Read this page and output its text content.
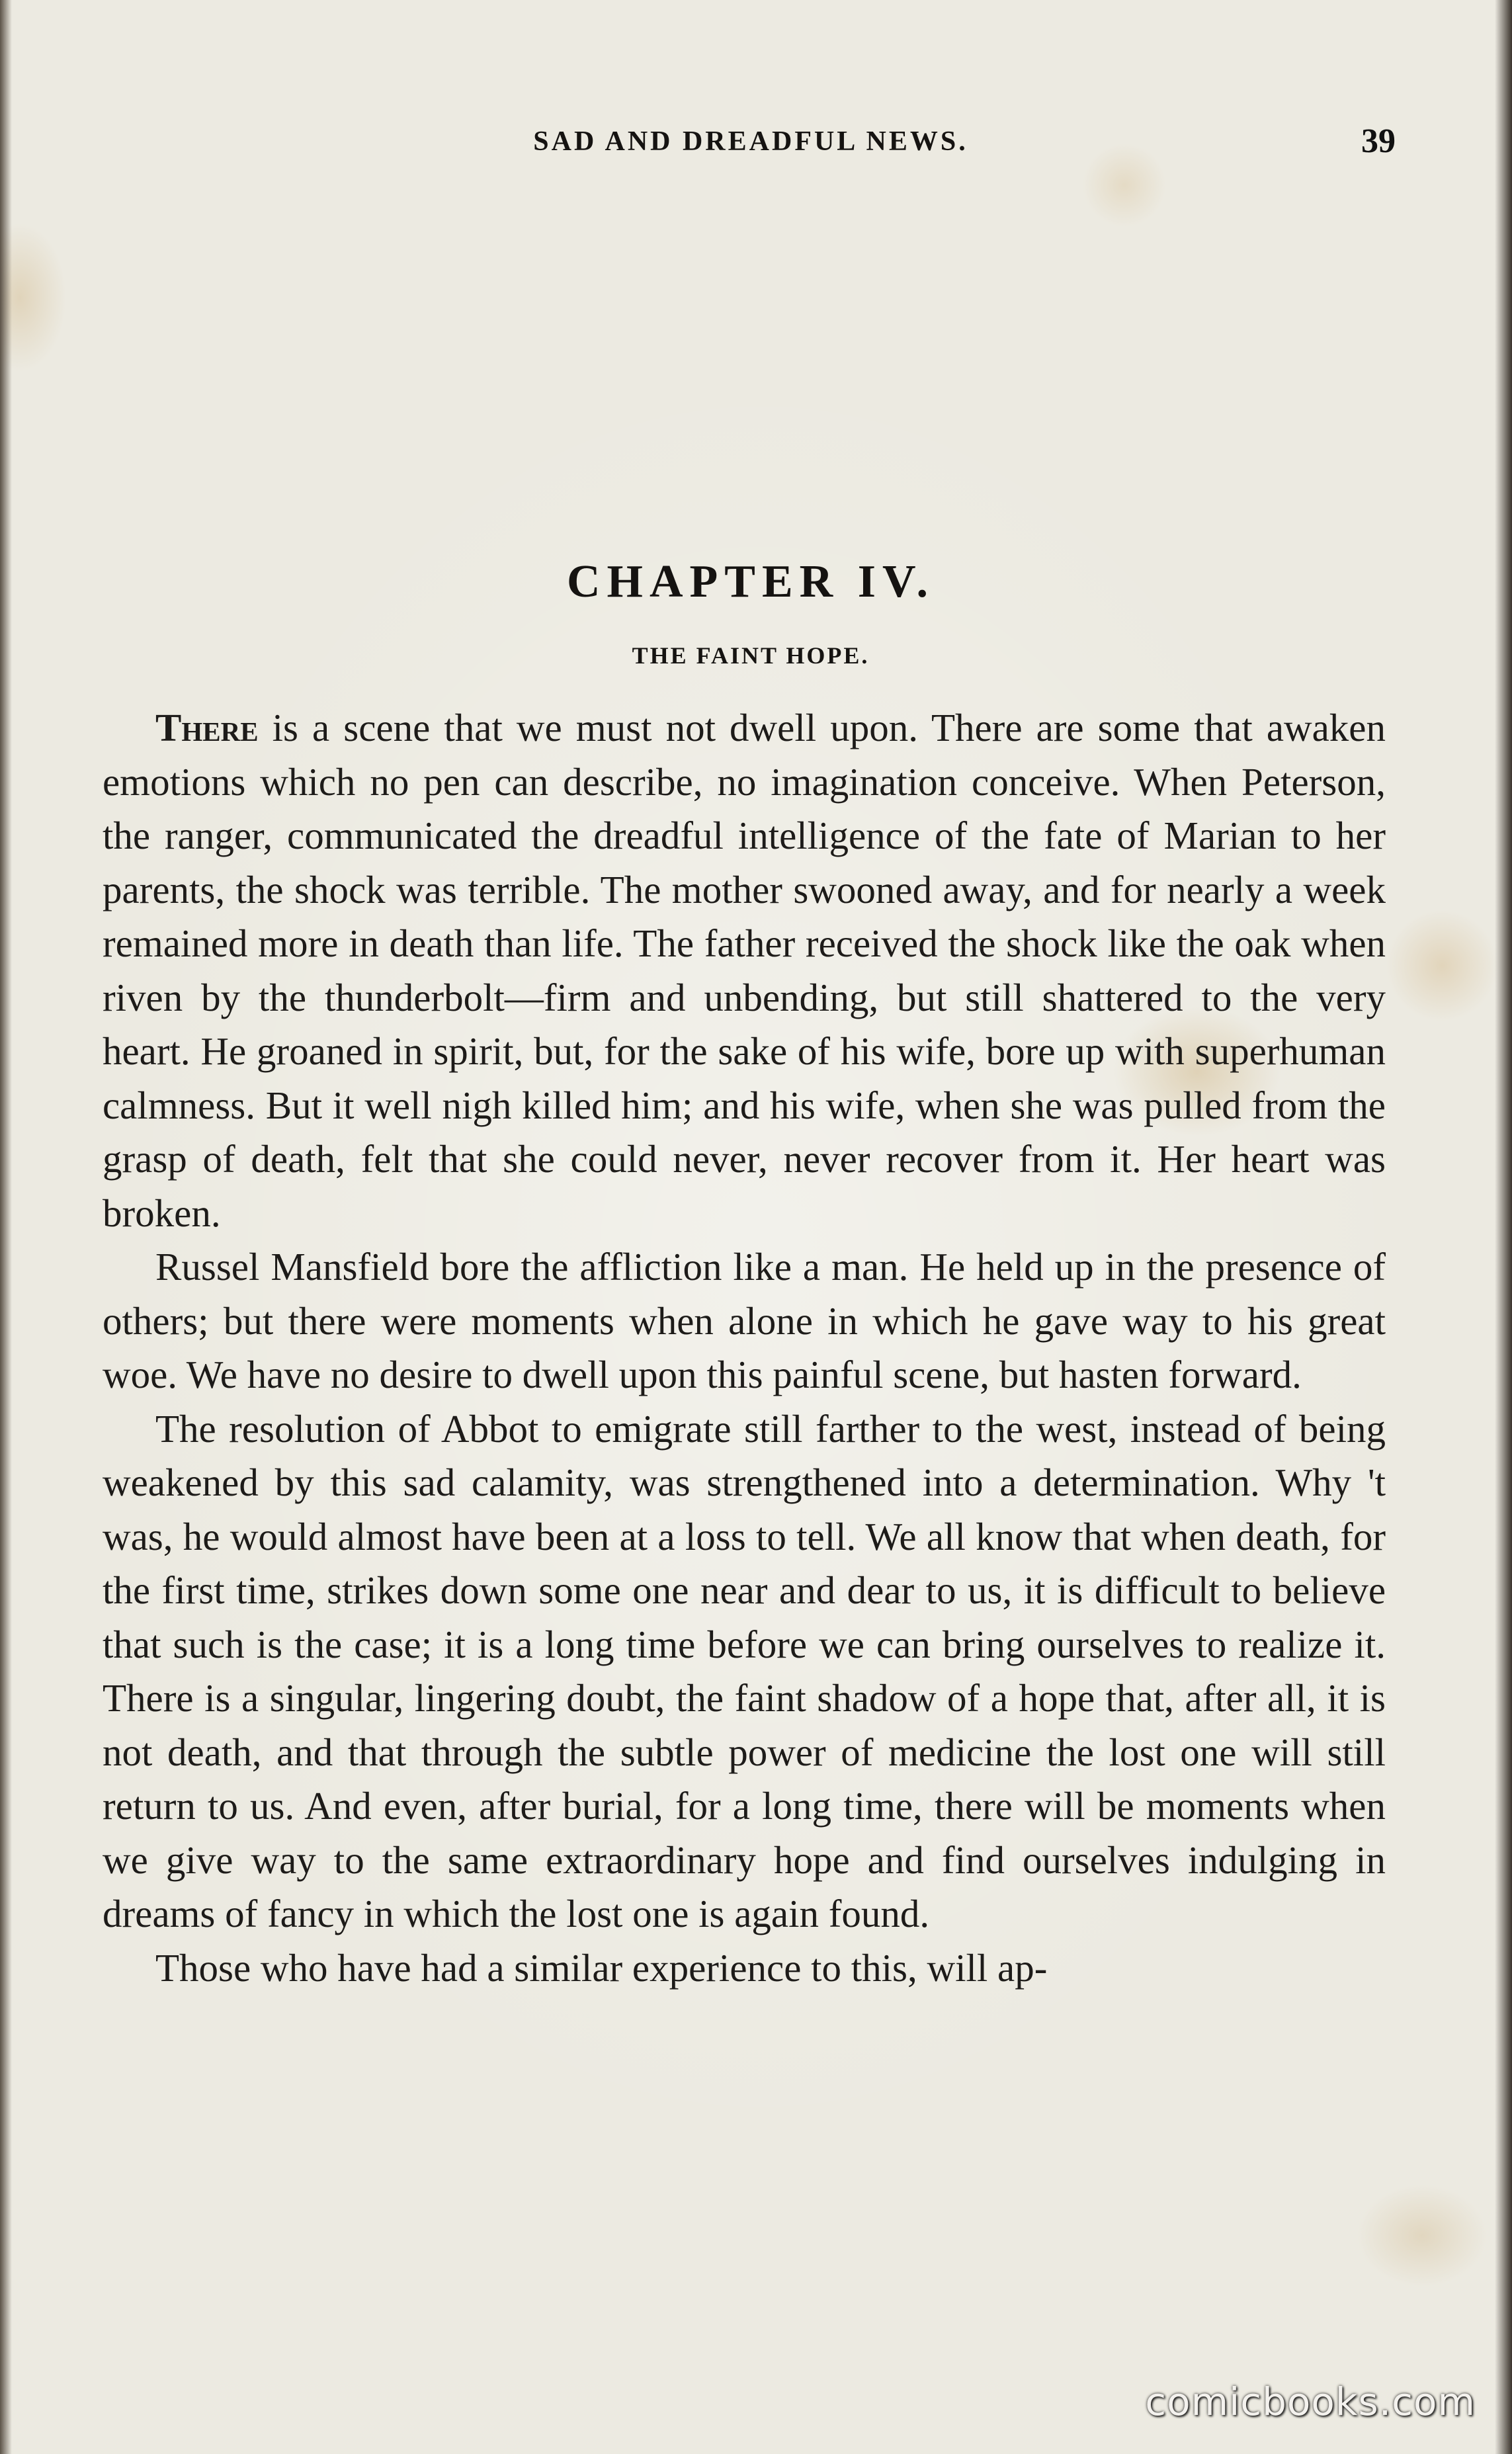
SAD AND DREADFUL NEWS.	39
CHAPTER IV.
THE FAINT HOPE.

There is a scene that we must not dwell upon. There are some that awaken emotions which no pen can describe, no imagination conceive. When Peterson, the ranger, communicated the dreadful intelligence of the fate of Marian to her parents, the shock was terrible. The mother swooned away, and for nearly a week remained more in death than life. The father received the shock like the oak when riven by the thunderbolt—firm and unbending, but still shattered to the very heart. He groaned in spirit, but, for the sake of his wife, bore up with superhuman calmness. But it well nigh killed him; and his wife, when she was pulled from the grasp of death, felt that she could never, never recover from it. Her heart was broken.

Russel Mansfield bore the affliction like a man. He held up in the presence of others; but there were moments when alone in which he gave way to his great woe. We have no desire to dwell upon this painful scene, but hasten forward.

The resolution of Abbot to emigrate still farther to the west, instead of being weakened by this sad calamity, was strengthened into a determination. Why 't was, he would almost have been at a loss to tell. We all know that when death, for the first time, strikes down some one near and dear to us, it is difficult to believe that such is the case; it is a long time before we can bring ourselves to realize it. There is a singular, lingering doubt, the faint shadow of a hope that, after all, it is not death, and that through the subtle power of medicine the lost one will still return to us. And even, after burial, for a long time, there will be moments when we give way to the same extraordinary hope and find ourselves indulging in dreams of fancy in which the lost one is again found.

Those who have had a similar experience to this, will ap-

comicbooks.com
